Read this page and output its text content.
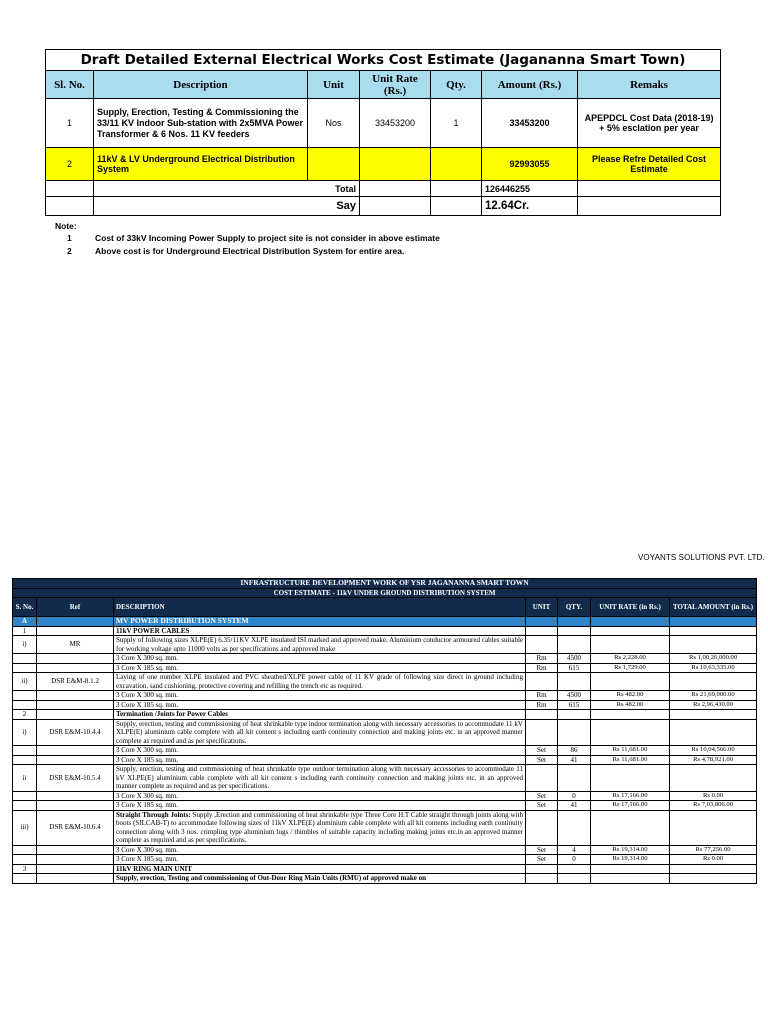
Draft Detailed External Electrical Works Cost Estimate (Jagananna Smart Town)						
Sl. No.	Description	Unit	Unit Rate (Rs.)	Qty.	Amount (Rs.)	Remaks
1	Supply, Erection, Testing & Commissioning the 33/11 KV Indoor Sub-station with 2x5MVA Power Transformer & 6 Nos. 11 KV feeders	Nos	33453200	1	33453200	APEPDCL Cost Data (2018-19) + 5% esclation per year
2	11kV & LV Underground Electrical Distribution System				92993055	Please Refre Detailed Cost Estimate
	Total				126446255	
	Say				12.64Cr.	
Note:
1	Cost of 33kV Incoming Power Supply to project site is not consider in above estimate
2	Above cost is for Underground Electrical Distribution System for entire area.
VOYANTS SOLUTIONS PVT. LTD.
INFRASTRUCTURE DEVELOPMENT WORK OF YSR JAGANANNA SMART TOWN						
COST ESTIMATE - 11kV UNDER GROUND DISTRIBUTION SYSTEM						
S. No.	Ref	DESCRIPTION	UNIT	QTY.	UNIT RATE (in Rs.)	TOTAL AMOUNT (in Rs.)
A		MV POWER DISTRIBUTION SYSTEM				
1		11kV POWER CABLES				
i)	MR	Supply of following sizes XLPE(E) 6.35/11KV XLPE insulated ISI marked and approved make. Aluminium conductor armoured cables suitable for working voltage upto 11000 volts as per specifications and approved make				
		3 Core X 300 sq. mm.	Rm	4500	Rs 2,228.00	Rs 1,00,26,000.00
		3 Core X 185 sq. mm.	Rm	615	Rs 1,729.00	Rs 10,63,335.00
ii)	DSR E&M-8.1.2	Laying of one number XLPE insulated and PVC sheathed/XLPE power cable of 11 KV grade of following size direct in ground including excavation, sand cushioning, protective covering and refilling the trench etc as required.				
		3 Core X 300 sq. mm.	Rm	4500	Rs 482.00	Rs 21,69,000.00
		3 Core X 185 sq. mm.	Rm	615	Rs 482.00	Rs 2,96,430.00
2		Termination /Joints for Power Cables				
i)	DSR E&M-10.4.4	Supply, erection, testing and commissioning of heat shrinkable type indoor termination along with necessary accessories to accommodate 11 kV XLPE(E) aluminium cable complete with all kit content s including earth continuity connection and making joints etc. in an approved manner complete as required and as per specifications.				
		3 Core X 300 sq. mm.	Set	86	Rs 11,681.00	Rs 10,04,566.00
		3 Core X 185 sq. mm.	Set	41	Rs 11,681.00	Rs 4,78,921.00
ii	DSR E&M-10.5.4	Supply, erection, testing and commissioning of heat shrinkable type outdoor termination along with necessary accessories to accommodate 11 kV XLPE(E) aluminium cable complete with all kit content s including earth continuity connection and making joints etc. in an approved manner complete as required and as per specifications.				
		3 Core X 300 sq. mm.	Set	0	Rs 17,166.00	Rs 0.00
		3 Core X 185 sq. mm.	Set	41	Rs 17,166.00	Rs 7,03,806.00
iii)	DSR E&M-10.6.4	Straight Through Joints: Supply ,Erection and commissioning of heat shrinkable type Three Core H.T Cable straight through joints along with boots (SILCAB-T) to accommodate following sizes of 11kV XLPE(E) aluminium cable complete with all kit contents including earth continuity connection along with 3 nos. crimpling type aluminium lugs / thimbles of suitable capacity including making joints etc.in an approved manner complete as required and as per specifications.				
		3 Core X 300 sq. mm.	Set	4	Rs 19,314.00	Rs 77,256.00
		3 Core X 185 sq. mm.	Set	0	Rs 19,314.00	Rs 0.00
3		11kV RING MAIN UNIT				
		Supply, erection, Testing and commissioning of Out-Door Ring Main Units (RMU) of approved make on				
